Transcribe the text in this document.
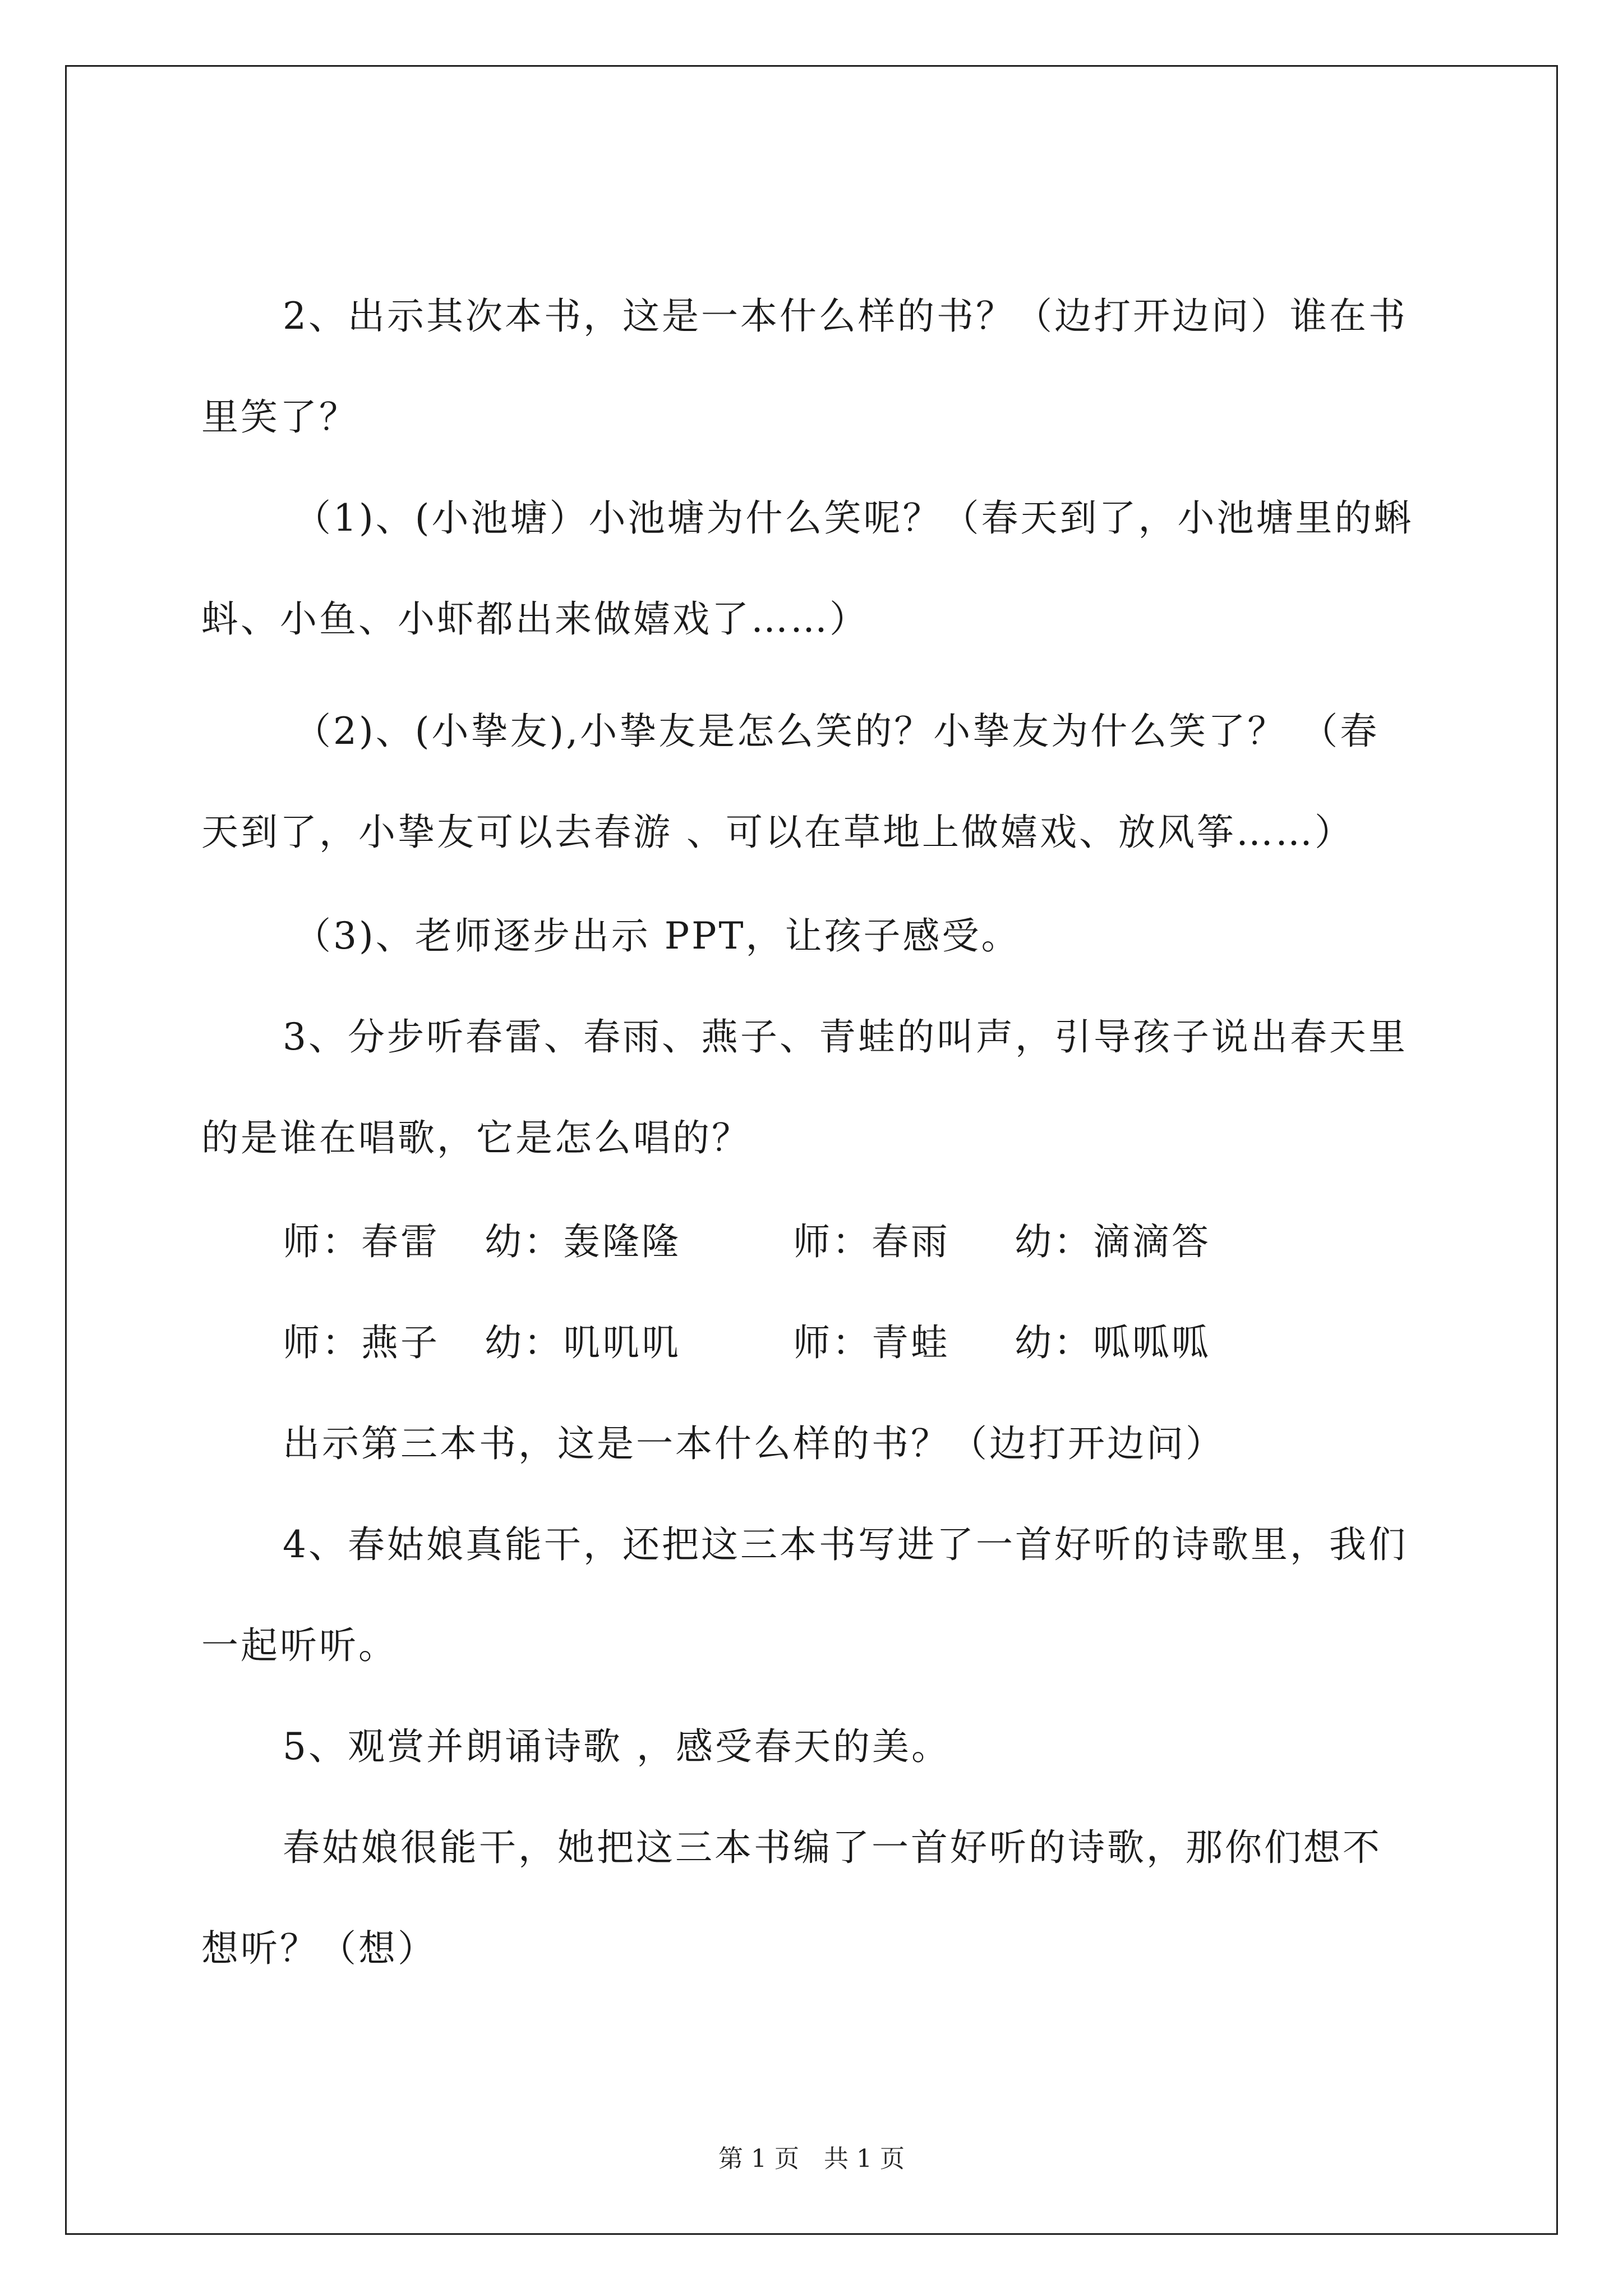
2、出示其次本书，这是一本什么样的书？（边打开边问）谁在书
里笑了？
（1)、(小池塘）小池塘为什么笑呢？（春天到了，小池塘里的蝌
蚪、小鱼、小虾都出来做嬉戏了……）
（2)、(小挚友),小挚友是怎么笑的？小挚友为什么笑了？ （春
天到了，小挚友可以去春游 、可以在草地上做嬉戏、放风筝……）
（3)、老师逐步出示 PPT，让孩子感受。
3、分步听春雷、春雨、燕子、青蛙的叫声，引导孩子说出春天里
的是谁在唱歌，它是怎么唱的？
师：春雷 幼：轰隆隆	师：春雨 幼：滴滴答
师：燕子 幼：叽叽叽	师：青蛙 幼：呱呱呱
出示第三本书，这是一本什么样的书？（边打开边问）
4、春姑娘真能干，还把这三本书写进了一首好听的诗歌里，我们
一起听听。
5、观赏并朗诵诗歌 ，感受春天的美。
春姑娘很能干，她把这三本书编了一首好听的诗歌，那你们想不
想听？（想）
第 1 页　共 1 页
